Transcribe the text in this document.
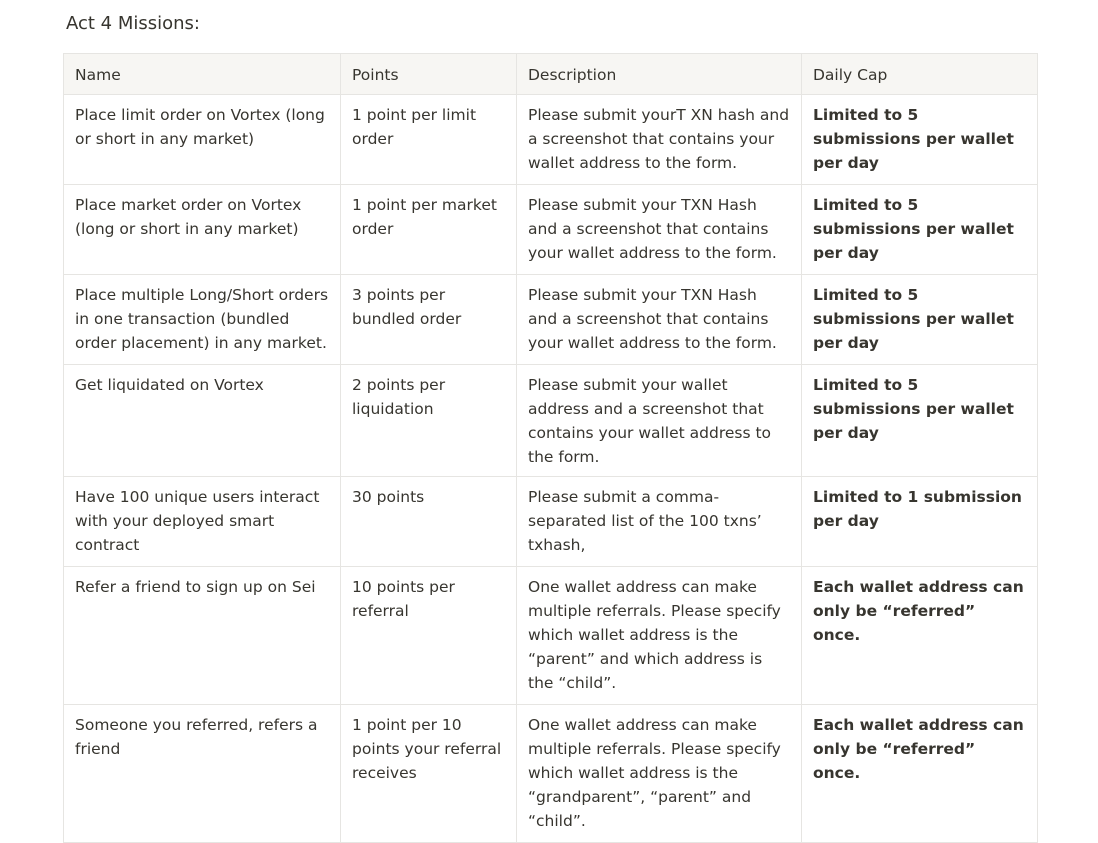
Act 4 Missions:
Name	Points	Description	Daily Cap
Place limit order on Vortex (long or short in any market)	1 point per limit order	Please submit yourT XN hash and a screenshot that contains your wallet address to the form.	Limited to 5 submissions per wallet per day
Place market order on Vortex (long or short in any market)	1 point per market order	Please submit your TXN Hash and a screenshot that contains your wallet address to the form.	Limited to 5 submissions per wallet per day
Place multiple Long/Short orders in one transaction (bundled order placement) in any market.	3 points per bundled order	Please submit your TXN Hash and a screenshot that contains your wallet address to the form.	Limited to 5 submissions per wallet per day
Get liquidated on Vortex	2 points per liquidation	Please submit your wallet address and a screenshot that contains your wallet address to the form.	Limited to 5 submissions per wallet per day
Have 100 unique users interact with your deployed smart contract	30 points	Please submit a comma-separated list of the 100 txns’ txhash,	Limited to 1 submission per day
Refer a friend to sign up on Sei	10 points per referral	One wallet address can make multiple referrals. Please specify which wallet address is the “parent” and which address is the “child”.	Each wallet address can only be “referred” once.
Someone you referred, refers a friend	1 point per 10 points your referral receives	One wallet address can make multiple referrals. Please specify which wallet address is the “grandparent”, “parent” and “child”.	Each wallet address can only be “referred” once.
